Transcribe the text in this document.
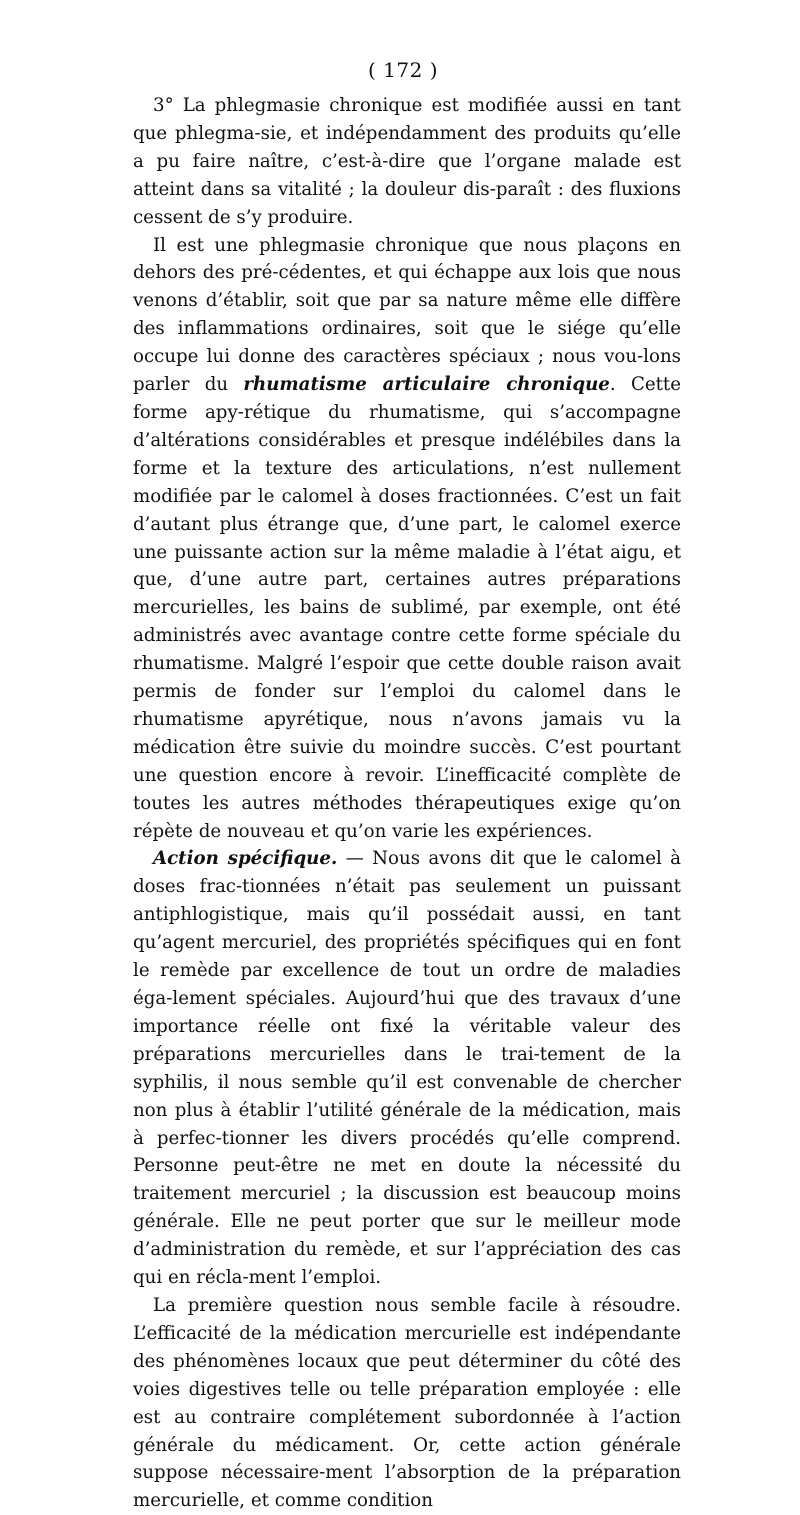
( 172 )

3° La phlegmasie chronique est modifiée aussi en tant que phlegma-sie, et indépendamment des produits qu’elle a pu faire naître, c’est-à-dire que l’organe malade est atteint dans sa vitalité ; la douleur dis-paraît : des fluxions cessent de s’y produire.

Il est une phlegmasie chronique que nous plaçons en dehors des pré-cédentes, et qui échappe aux lois que nous venons d’établir, soit que par sa nature même elle diffère des inflammations ordinaires, soit que le siége qu’elle occupe lui donne des caractères spéciaux ; nous vou-lons parler du rhumatisme articulaire chronique. Cette forme apy-rétique du rhumatisme, qui s’accompagne d’altérations considérables et presque indélébiles dans la forme et la texture des articulations, n’est nullement modifiée par le calomel à doses fractionnées. C’est un fait d’autant plus étrange que, d’une part, le calomel exerce une puissante action sur la même maladie à l’état aigu, et que, d’une autre part, certaines autres préparations mercurielles, les bains de sublimé, par exemple, ont été administrés avec avantage contre cette forme spéciale du rhumatisme. Malgré l’espoir que cette double raison avait permis de fonder sur l’emploi du calomel dans le rhumatisme apyrétique, nous n’avons jamais vu la médication être suivie du moindre succès. C’est pourtant une question encore à revoir. L’inefficacité complète de toutes les autres méthodes thérapeutiques exige qu’on répète de nouveau et qu’on varie les expériences.

Action spécifique. — Nous avons dit que le calomel à doses frac-tionnées n’était pas seulement un puissant antiphlogistique, mais qu’il possédait aussi, en tant qu’agent mercuriel, des propriétés spécifiques qui en font le remède par excellence de tout un ordre de maladies éga-lement spéciales. Aujourd’hui que des travaux d’une importance réelle ont fixé la véritable valeur des préparations mercurielles dans le trai-tement de la syphilis, il nous semble qu’il est convenable de chercher non plus à établir l’utilité générale de la médication, mais à perfec-tionner les divers procédés qu’elle comprend. Personne peut-être ne met en doute la nécessité du traitement mercuriel ; la discussion est beaucoup moins générale. Elle ne peut porter que sur le meilleur mode d’administration du remède, et sur l’appréciation des cas qui en récla-ment l’emploi.

La première question nous semble facile à résoudre. L’efficacité de la médication mercurielle est indépendante des phénomènes locaux que peut déterminer du côté des voies digestives telle ou telle préparation employée : elle est au contraire complétement subordonnée à l’action générale du médicament. Or, cette action générale suppose nécessaire-ment l’absorption de la préparation mercurielle, et comme condition
